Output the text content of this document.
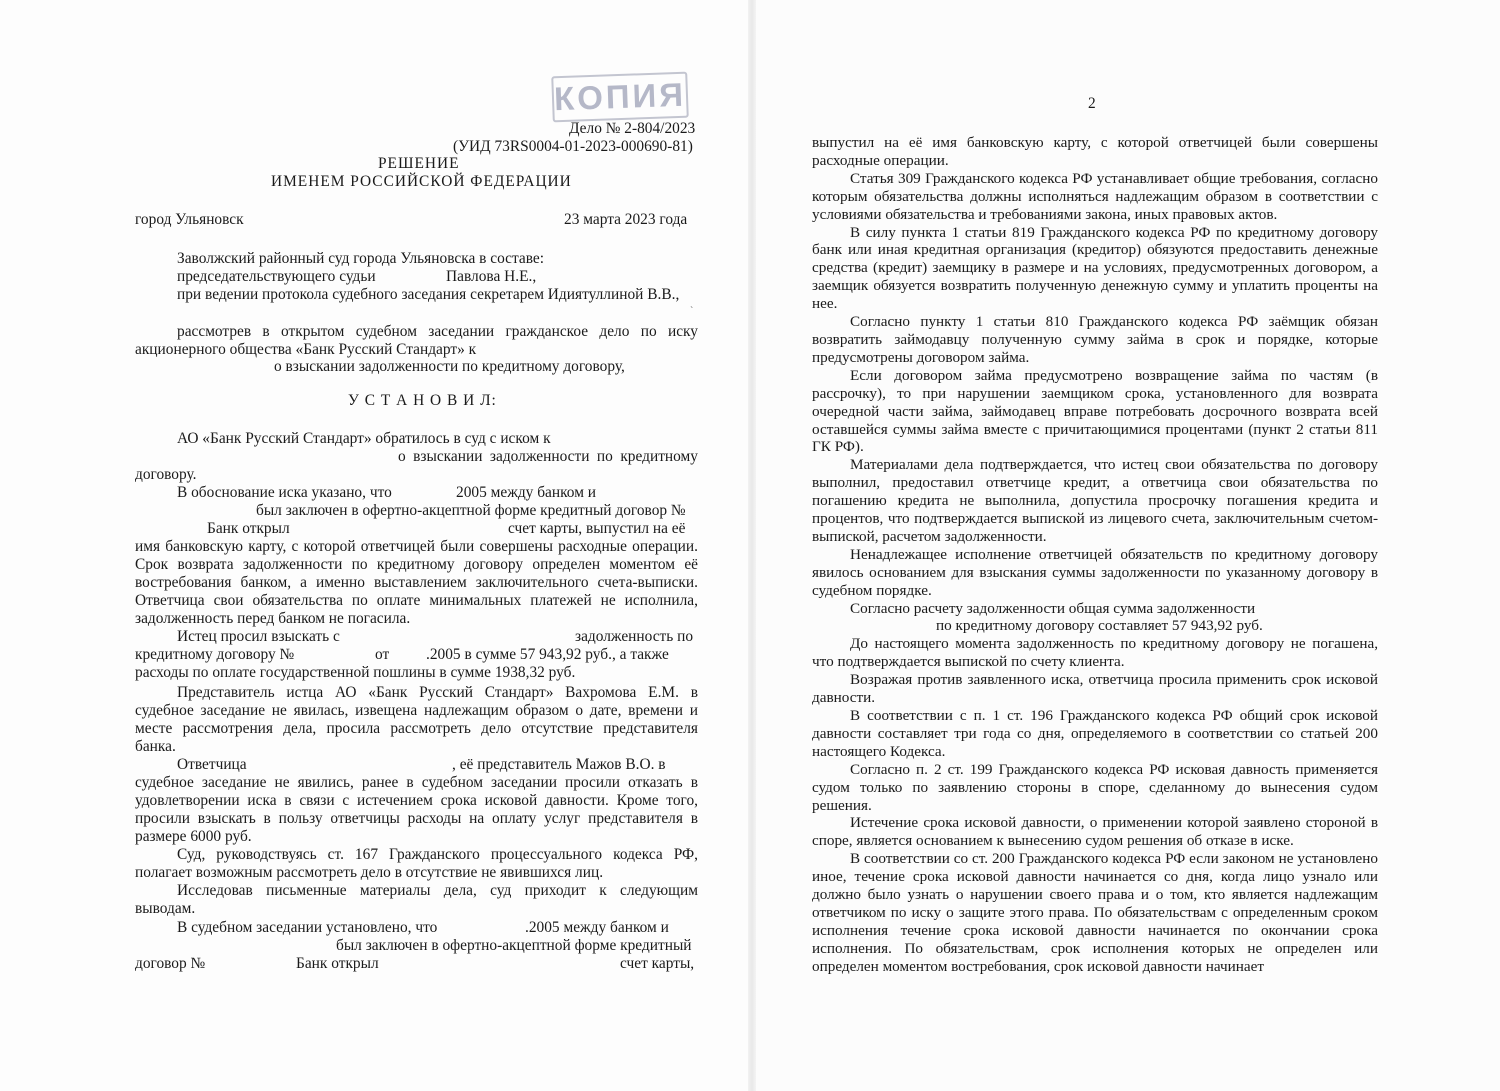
КОПИЯ
Дело № 2-804/2023
(УИД 73RS0004-01-2023-000690-81)
РЕШЕНИЕ
ИМЕНЕМ РОССИЙСКОЙ ФЕДЕРАЦИИ
город Ульяновск	23 марта 2023 года
Заволжский районный суд города Ульяновска в составе:
председательствующего судьи	Павлова Н.Е.,
при ведении протокола судебного заседания секретарем Идиятуллиной В.В.,
рассмотрев в открытом судебном заседании гражданское дело по иску
акционерного общества «Банк Русский Стандарт» к
о взыскании задолженности по кредитному договору,
У С Т А Н О В И Л:
АО «Банк Русский Стандарт» обратилось в суд с иском к
о взыскании задолженности по кредитному
договору.
В обоснование иска указано, что	2005 между банком и
был заключен в офертно-акцептной форме кредитный договор №
Банк открыл	счет карты, выпустил на её
имя банковскую карту, с которой ответчицей были совершены расходные операции.
Срок возврата задолженности по кредитному договору определен моментом её
востребования банком, а именно выставлением заключительного счета-выписки.
Ответчица свои обязательства по оплате минимальных платежей не исполнила,
задолженность перед банком не погасила.
Истец просил взыскать с	задолженность по
кредитному договору №	от .2005 в сумме 57 943,92 руб., а также
расходы по оплате государственной пошлины в сумме 1938,32 руб.
Представитель истца АО «Банк Русский Стандарт» Вахромова Е.М. в
судебное заседание не явилась, извещена надлежащим образом о дате, времени и
месте рассмотрения дела, просила рассмотреть дело отсутствие представителя
банка.
Ответчица	, её представитель Мажов В.О. в
судебное заседание не явились, ранее в судебном заседании просили отказать в
удовлетворении иска в связи с истечением срока исковой давности. Кроме того,
просили взыскать в пользу ответчицы расходы на оплату услуг представителя в
размере 6000 руб.
Суд, руководствуясь ст. 167 Гражданского процессуального кодекса РФ,
полагает возможным рассмотреть дело в отсутствие не явившихся лиц.
Исследовав письменные материалы дела, суд приходит к следующим
выводам.
В судебном заседании установлено, что	.2005 между банком и
был заключен в офертно-акцептной форме кредитный
договор №	Банк открыл	счет карты,
ˋ
2

выпустил на её имя банковскую карту, с которой ответчицей были совершены расходные операции.

Статья 309 Гражданского кодекса РФ устанавливает общие требования, согласно которым обязательства должны исполняться надлежащим образом в соответствии с условиями обязательства и требованиями закона, иных правовых актов.

В силу пункта 1 статьи 819 Гражданского кодекса РФ по кредитному договору банк или иная кредитная организация (кредитор) обязуются предоставить денежные средства (кредит) заемщику в размере и на условиях, предусмотренных договором, а заемщик обязуется возвратить полученную денежную сумму и уплатить проценты на нее.

Согласно пункту 1 статьи 810 Гражданского кодекса РФ заёмщик обязан возвратить займодавцу полученную сумму займа в срок и порядке, которые предусмотрены договором займа.

Если договором займа предусмотрено возвращение займа по частям (в рассрочку), то при нарушении заемщиком срока, установленного для возврата очередной части займа, займодавец вправе потребовать досрочного возврата всей оставшейся суммы займа вместе с причитающимися процентами (пункт 2 статьи 811 ГК РФ).

Материалами дела подтверждается, что истец свои обязательства по договору выполнил, предоставил ответчице кредит, а ответчица свои обязательства по погашению кредита не выполнила, допустила просрочку погашения кредита и процентов, что подтверждается выпиской из лицевого счета, заключительным счетом-выпиской, расчетом задолженности.

Ненадлежащее исполнение ответчицей обязательств по кредитному договору явилось основанием для взыскания суммы задолженности по указанному договору в судебном порядке.

Согласно расчету задолженности общая сумма задолженности

по кредитному договору составляет 57 943,92 руб.

До настоящего момента задолженность по кредитному договору не погашена, что подтверждается выпиской по счету клиента.

Возражая против заявленного иска, ответчица просила применить срок исковой давности.

В соответствии с п. 1 ст. 196 Гражданского кодекса РФ общий срок исковой давности составляет три года со дня, определяемого в соответствии со статьей 200 настоящего Кодекса.

Согласно п. 2 ст. 199 Гражданского кодекса РФ исковая давность применяется судом только по заявлению стороны в споре, сделанному до вынесения судом решения.

Истечение срока исковой давности, о применении которой заявлено стороной в споре, является основанием к вынесению судом решения об отказе в иске.

В соответствии со ст. 200 Гражданского кодекса РФ если законом не установлено иное, течение срока исковой давности начинается со дня, когда лицо узнало или должно было узнать о нарушении своего права и о том, кто является надлежащим ответчиком по иску о защите этого права. По обязательствам с определенным сроком исполнения течение срока исковой давности начинается по окончании срока исполнения. По обязательствам, срок исполнения которых не определен или определен моментом востребования, срок исковой давности начинает
